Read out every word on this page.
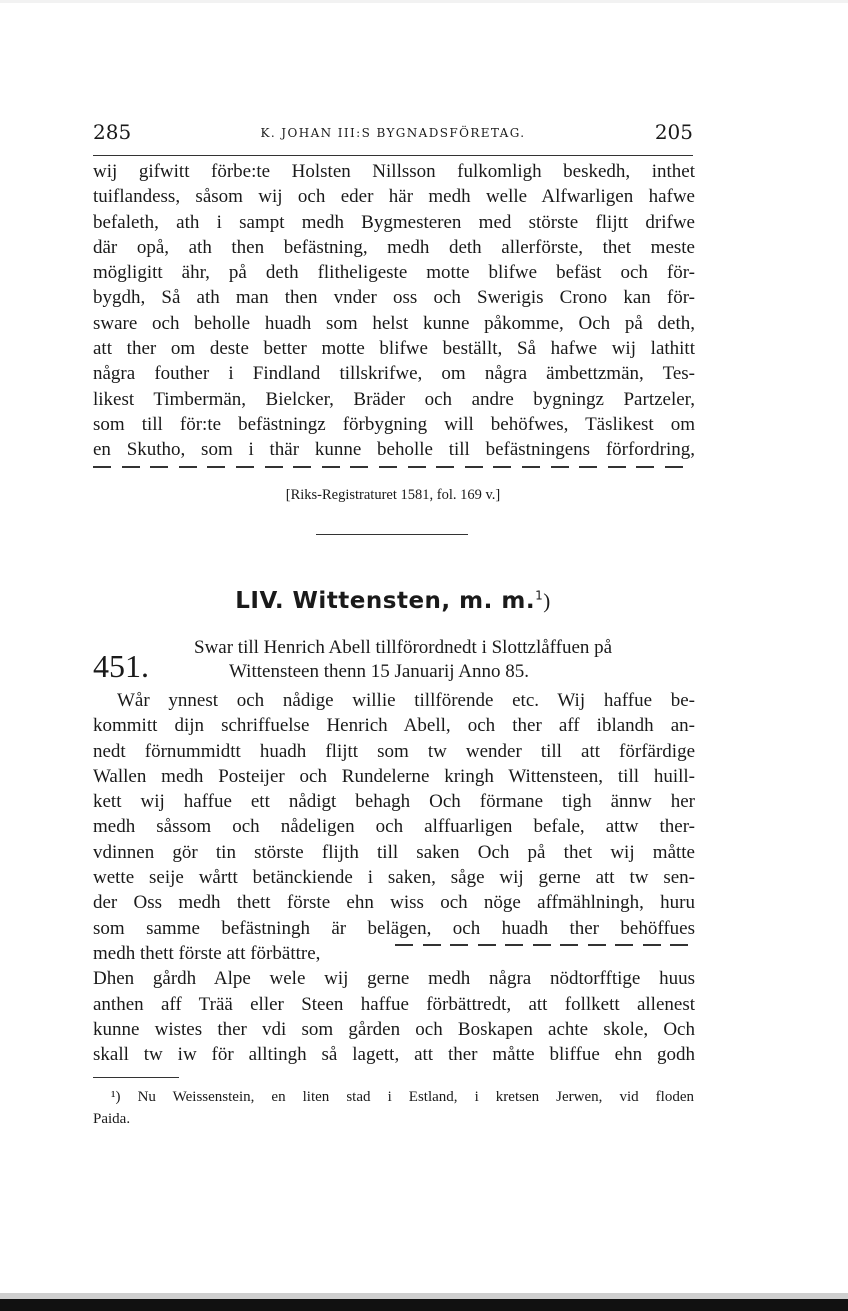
285	K. JOHAN III:S BYGNADSFÖRETAG.	205
wij gifwitt förbe:te Holsten Nillsson fulkomligh beskedh, inthet
tuiflandess, såsom wij och eder här medh welle Alfwarligen hafwe
befaleth, ath i sampt medh Bygmesteren med störste flijtt drifwe
där opå, ath then befästning, medh deth allerförste, thet meste
mögligitt ähr, på deth flitheligeste motte blifwe befäst och för-
bygdh, Så ath man then vnder oss och Swerigis Crono kan för-
sware och beholle huadh som helst kunne påkomme, Och på deth,
att ther om deste better motte blifwe beställt, Så hafwe wij lathitt
några fouther i Findland tillskrifwe, om några ämbettzmän, Tes-
likest Timbermän, Bielcker, Bräder och andre bygningz Partzeler,
som till för:te befästningz förbygning will behöfwes, Täslikest om
en Skutho, som i thär kunne beholle till befästningens förfordring,
[Riks-Registraturet 1581, fol. 169 v.]
LIV. Wittensten, m. m.$^1$)
451.
Swar till Henrich Abell tillförordnedt i Slottzlåffuen på
Wittensteen thenn 15 Januarij Anno 85.
Wår ynnest och nådige willie tillförende etc. Wij haffue be-
kommitt dijn schriffuelse Henrich Abell, och ther aff iblandh an-
nedt förnummidtt huadh flijtt som tw wender till att förfärdige
Wallen medh Posteijer och Rundelerne kringh Wittensteen, till huill-
kett wij haffue ett nådigt behagh Och förmane tigh ännw her
medh såssom och nådeligen och alffuarligen befale, attw ther-
vdinnen gör tin störste flijth till saken Och på thet wij måtte
wette seije wårtt betänckiende i saken, såge wij gerne att tw sen-
der Oss medh thett förste ehn wiss och nöge affmählningh, huru
som samme befästningh är belägen, och huadh ther behöffues
medh thett förste att förbättre,
Dhen gårdh Alpe wele wij gerne medh några nödtorfftige huus
anthen aff Trää eller Steen haffue förbättredt, att follkett allenest
kunne wistes ther vdi som gården och Boskapen achte skole, Och
skall tw iw för alltingh så lagett, att ther måtte bliffue ehn godh
¹) Nu Weissenstein, en liten stad i Estland, i kretsen Jerwen, vid floden
Paida.
